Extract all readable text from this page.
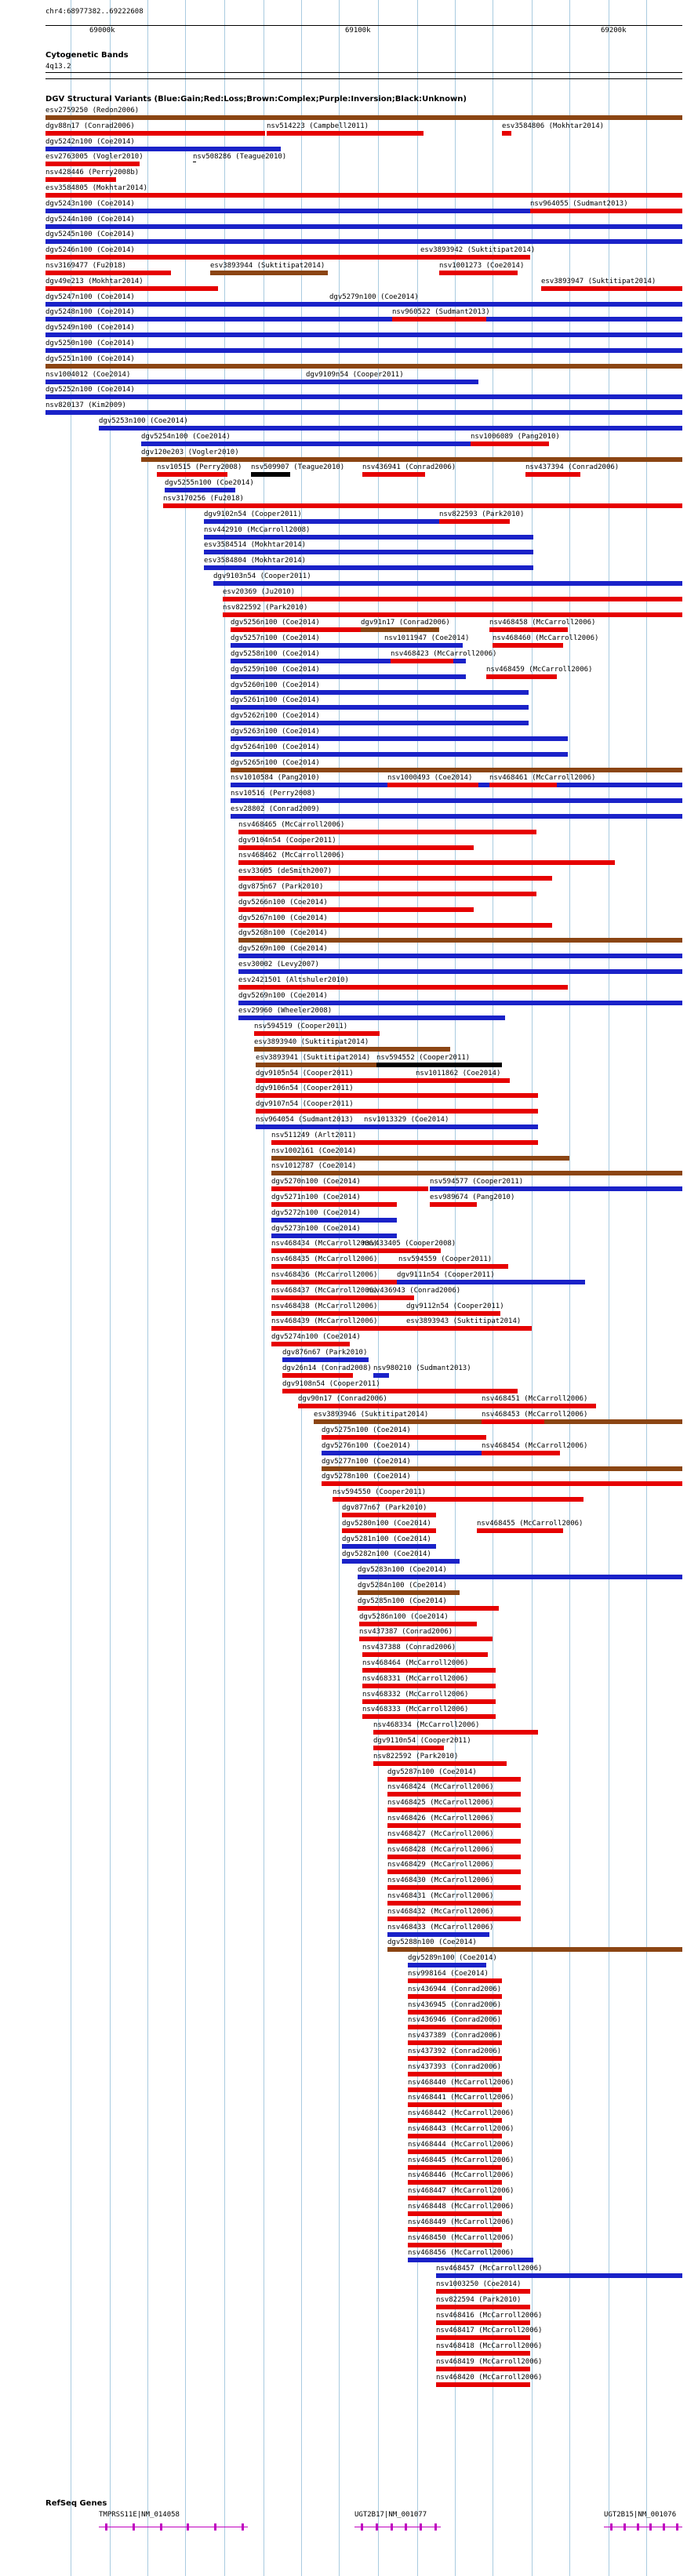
chr4:68977382..69222608
69000k	69100k	69200k
Cytogenetic Bands
4q13.2
DGV Structural Variants (Blue:Gain;Red:Loss;Brown:Complex;Purple:Inversion;Black:Unknown)
esv2759250 (Redon2006)
dgv88n17 (Conrad2006)
dgv5242n100 (Coe2014)
esv2763005 (Vogler2010)
nsv428446 (Perry2008b)
esv3584805 (Mokhtar2014)
dgv5243n100 (Coe2014)
dgv5244n100 (Coe2014)
dgv5245n100 (Coe2014)
dgv5246n100 (Coe2014)
nsv3169477 (Fu2018)
dgv49e213 (Mokhtar2014)
dgv5247n100 (Coe2014)
dgv5248n100 (Coe2014)
dgv5249n100 (Coe2014)
dgv5250n100 (Coe2014)
dgv5251n100 (Coe2014)
nsv1004012 (Coe2014)
dgv5252n100 (Coe2014)
nsv820137 (Kim2009)
dgv5253n100 (Coe2014)
dgv5254n100 (Coe2014)
dgv120e203 (Vogler2010)
nsv10515 (Perry2008)
dgv5255n100 (Coe2014)
nsv3170256 (Fu2018)
dgv9102n54 (Cooper2011)
nsv442910 (McCarroll2008)
esv3584514 (Mokhtar2014)
esv3584804 (Mokhtar2014)
dgv9103n54 (Cooper2011)
esv20369 (Ju2010)
nsv822592 (Park2010)
dgv5256n100 (Coe2014)
dgv5257n100 (Coe2014)
dgv5258n100 (Coe2014)
dgv5259n100 (Coe2014)
dgv5260n100 (Coe2014)
dgv5261n100 (Coe2014)
dgv5262n100 (Coe2014)
dgv5263n100 (Coe2014)
dgv5264n100 (Coe2014)
dgv5265n100 (Coe2014)
nsv1010584 (Pang2010)
nsv10516 (Perry2008)
esv28802 (Conrad2009)
nsv468465 (McCarroll2006)
dgv9104n54 (Cooper2011)
nsv468462 (McCarroll2006)
esv33605 (deSmith2007)
dgv875n67 (Park2010)
dgv5266n100 (Coe2014)
dgv5267n100 (Coe2014)
dgv5268n100 (Coe2014)
dgv5269n100 (Coe2014)
esv30002 (Levy2007)
esv2421501 (Altshuler2010)
dgv5269n100 (Coe2014)
esv29960 (Wheeler2008)
nsv594519 (Cooper2011)
esv3893940 (Suktitipat2014)
esv3893941 (Suktitipat2014)
dgv9105n54 (Cooper2011)
dgv9106n54 (Cooper2011)
dgv9107n54 (Cooper2011)
nsv964054 (Sudmant2013)
nsv511249 (Arlt2011)
nsv1002161 (Coe2014)
nsv1012787 (Coe2014)
dgv5270n100 (Coe2014)
dgv5271n100 (Coe2014)
dgv5272n100 (Coe2014)
dgv5273n100 (Coe2014)
nsv468434 (McCarroll2006)
nsv468435 (McCarroll2006)
nsv468436 (McCarroll2006)
nsv468437 (McCarroll2006)
nsv468438 (McCarroll2006)
nsv468439 (McCarroll2006)
dgv5274n100 (Coe2014)
dgv876n67 (Park2010)
dgv26n14 (Conrad2008)
dgv9108n54 (Cooper2011)
dgv90n17 (Conrad2006)
esv3893946 (Suktitipat2014)
dgv5275n100 (Coe2014)
dgv5276n100 (Coe2014)
dgv5277n100 (Coe2014)
dgv5278n100 (Coe2014)
nsv594550 (Cooper2011)
dgv877n67 (Park2010)
dgv5280n100 (Coe2014)
dgv5281n100 (Coe2014)
dgv5282n100 (Coe2014)
dgv5283n100 (Coe2014)
dgv5284n100 (Coe2014)
dgv5285n100 (Coe2014)
dgv5286n100 (Coe2014)
nsv437387 (Conrad2006)
nsv437388 (Conrad2006)
nsv468464 (McCarroll2006)
nsv468331 (McCarroll2006)
nsv468332 (McCarroll2006)
nsv468333 (McCarroll2006)
nsv468334 (McCarroll2006)
dgv9110n54 (Cooper2011)
nsv822592 (Park2010)
dgv5287n100 (Coe2014)
nsv468424 (McCarroll2006)
nsv468425 (McCarroll2006)
nsv468426 (McCarroll2006)
nsv468427 (McCarroll2006)
nsv468428 (McCarroll2006)
nsv468429 (McCarroll2006)
nsv468430 (McCarroll2006)
nsv468431 (McCarroll2006)
nsv468432 (McCarroll2006)
nsv468433 (McCarroll2006)
dgv5288n100 (Coe2014)
dgv5289n100 (Coe2014)
nsv998164 (Coe2014)
nsv436944 (Conrad2006)
nsv436945 (Conrad2006)
nsv436946 (Conrad2006)
nsv437389 (Conrad2006)
nsv437392 (Conrad2006)
nsv437393 (Conrad2006)
nsv468440 (McCarroll2006)
nsv468441 (McCarroll2006)
nsv468442 (McCarroll2006)
nsv468443 (McCarroll2006)
nsv468444 (McCarroll2006)
nsv468445 (McCarroll2006)
nsv468446 (McCarroll2006)
nsv468447 (McCarroll2006)
nsv468448 (McCarroll2006)
nsv468449 (McCarroll2006)
nsv468450 (McCarroll2006)
nsv468456 (McCarroll2006)
nsv468457 (McCarroll2006)
nsv1003250 (Coe2014)
nsv822594 (Park2010)
nsv468416 (McCarroll2006)
nsv468417 (McCarroll2006)
nsv468418 (McCarroll2006)
nsv468419 (McCarroll2006)
nsv468420 (McCarroll2006)
nsv514223 (Campbell2011)	esv3584806 (Mokhtar2014)
nsv508286 (Teague2010)
nsv964055 (Sudmant2013)
esv3893942 (Suktitipat2014)
esv3893944 (Suktitipat2014)	nsv1001273 (Coe2014)
esv3893947 (Suktitipat2014)
dgv5279n100 (Coe2014)
nsv960522 (Sudmant2013)
dgv9109n54 (Cooper2011)
nsv1006089 (Pang2010)
nsv509907 (Teague2010)	nsv436941 (Conrad2006)	nsv437394 (Conrad2006)
nsv822593 (Park2010)
dgv91n17 (Conrad2006)	nsv468458 (McCarroll2006)
nsv1011947 (Coe2014)	nsv468460 (McCarroll2006)
nsv468423 (McCarroll2006)
nsv468459 (McCarroll2006)
nsv1000493 (Coe2014) nsv468461 (McCarroll2006)
nsv594552 (Cooper2011)
nsv1011862 (Coe2014)
nsv1013329 (Coe2014)
nsv594577 (Cooper2011)
esv989674 (Pang2010)
nsv433405 (Cooper2008)
nsv594559 (Cooper2011)
dgv9111n54 (Cooper2011)
nsv436943 (Conrad2006)
dgv9112n54 (Cooper2011)
esv3893943 (Suktitipat2014)
nsv980210 (Sudmant2013)
nsv468451 (McCarroll2006)
nsv468453 (McCarroll2006)
nsv468454 (McCarroll2006)
nsv468455 (McCarroll2006)
RefSeq Genes
TMPRSS11E|NM_014058	UGT2B17|NM_001077	UGT2B15|NM_001076
